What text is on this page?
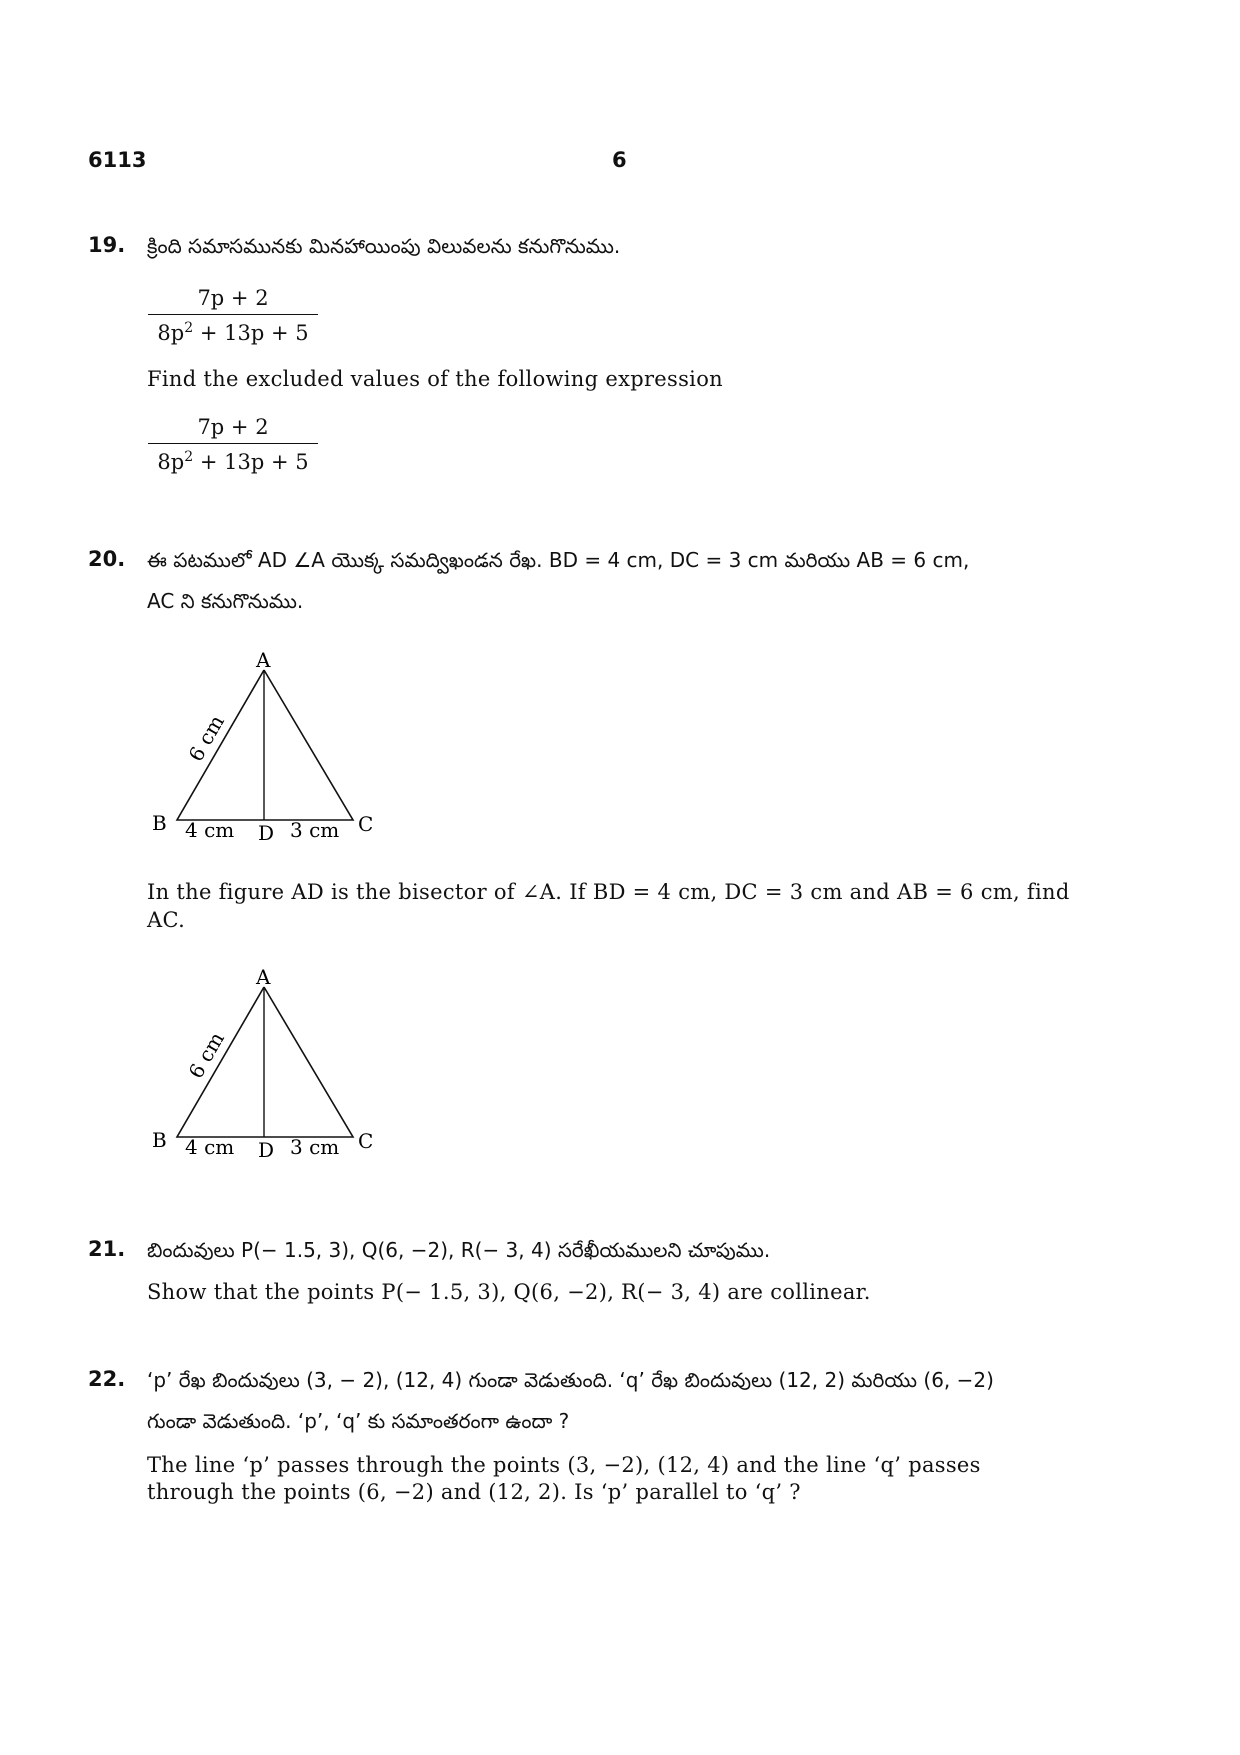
6113	6
19.	క్రింది సమాసమునకు మినహాయింపు విలువలను కనుగొనుము.
$\frac{7p + 2}{8p^2 + 13p + 5}$
Find the excluded values of the following expression
$\frac{7p + 2}{8p^2 + 13p + 5}$
20.	ఈ పటములో AD ∠A యొక్క సమద్విఖండన రేఖ. BD = 4 cm, DC = 3 cm మరియు AB = 6 cm,
AC ని కనుగొనుము.
A
B	C
D
4 cm	3 cm
6 cm
In the figure AD is the bisector of ∠A. If BD = 4 cm, DC = 3 cm and AB = 6 cm, find
AC.
A
B	C
D
4 cm	3 cm
6 cm
21.	బిందువులు P(− 1.5, 3), Q(6, −2), R(− 3, 4) సరేఖీయములని చూపుము.
Show that the points P(− 1.5, 3), Q(6, −2), R(− 3, 4) are collinear.
22.	‘p’ రేఖ బిందువులు (3, − 2), (12, 4) గుండా వెడుతుంది. ‘q’ రేఖ బిందువులు (12, 2) మరియు (6, −2)
గుండా వెడుతుంది. ‘p’, ‘q’ కు సమాంతరంగా ఉందా ?
The line ‘p’ passes through the points (3, −2), (12, 4) and the line ‘q’ passes
through the points (6, −2) and (12, 2). Is ‘p’ parallel to ‘q’ ?
